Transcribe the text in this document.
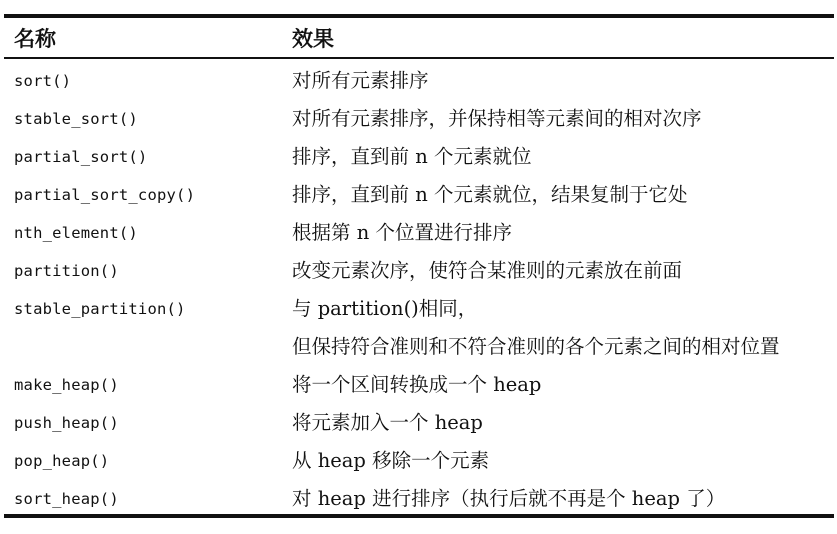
名称	效果
sort()	对所有元素排序
stable_sort()	对所有元素排序，并保持相等元素间的相对次序
partial_sort()	排序，直到前 n 个元素就位
partial_sort_copy()	排序，直到前 n 个元素就位，结果复制于它处
nth_element()	根据第 n 个位置进行排序
partition()	改变元素次序，使符合某准则的元素放在前面
stable_partition()	与 partition()相同，但保持符合准则和不符合准则的各个元素之间的相对位置
make_heap()	将一个区间转换成一个 heap
push_heap()	将元素加入一个 heap
pop_heap()	从 heap 移除一个元素
sort_heap()	对 heap 进行排序（执行后就不再是个 heap 了）
